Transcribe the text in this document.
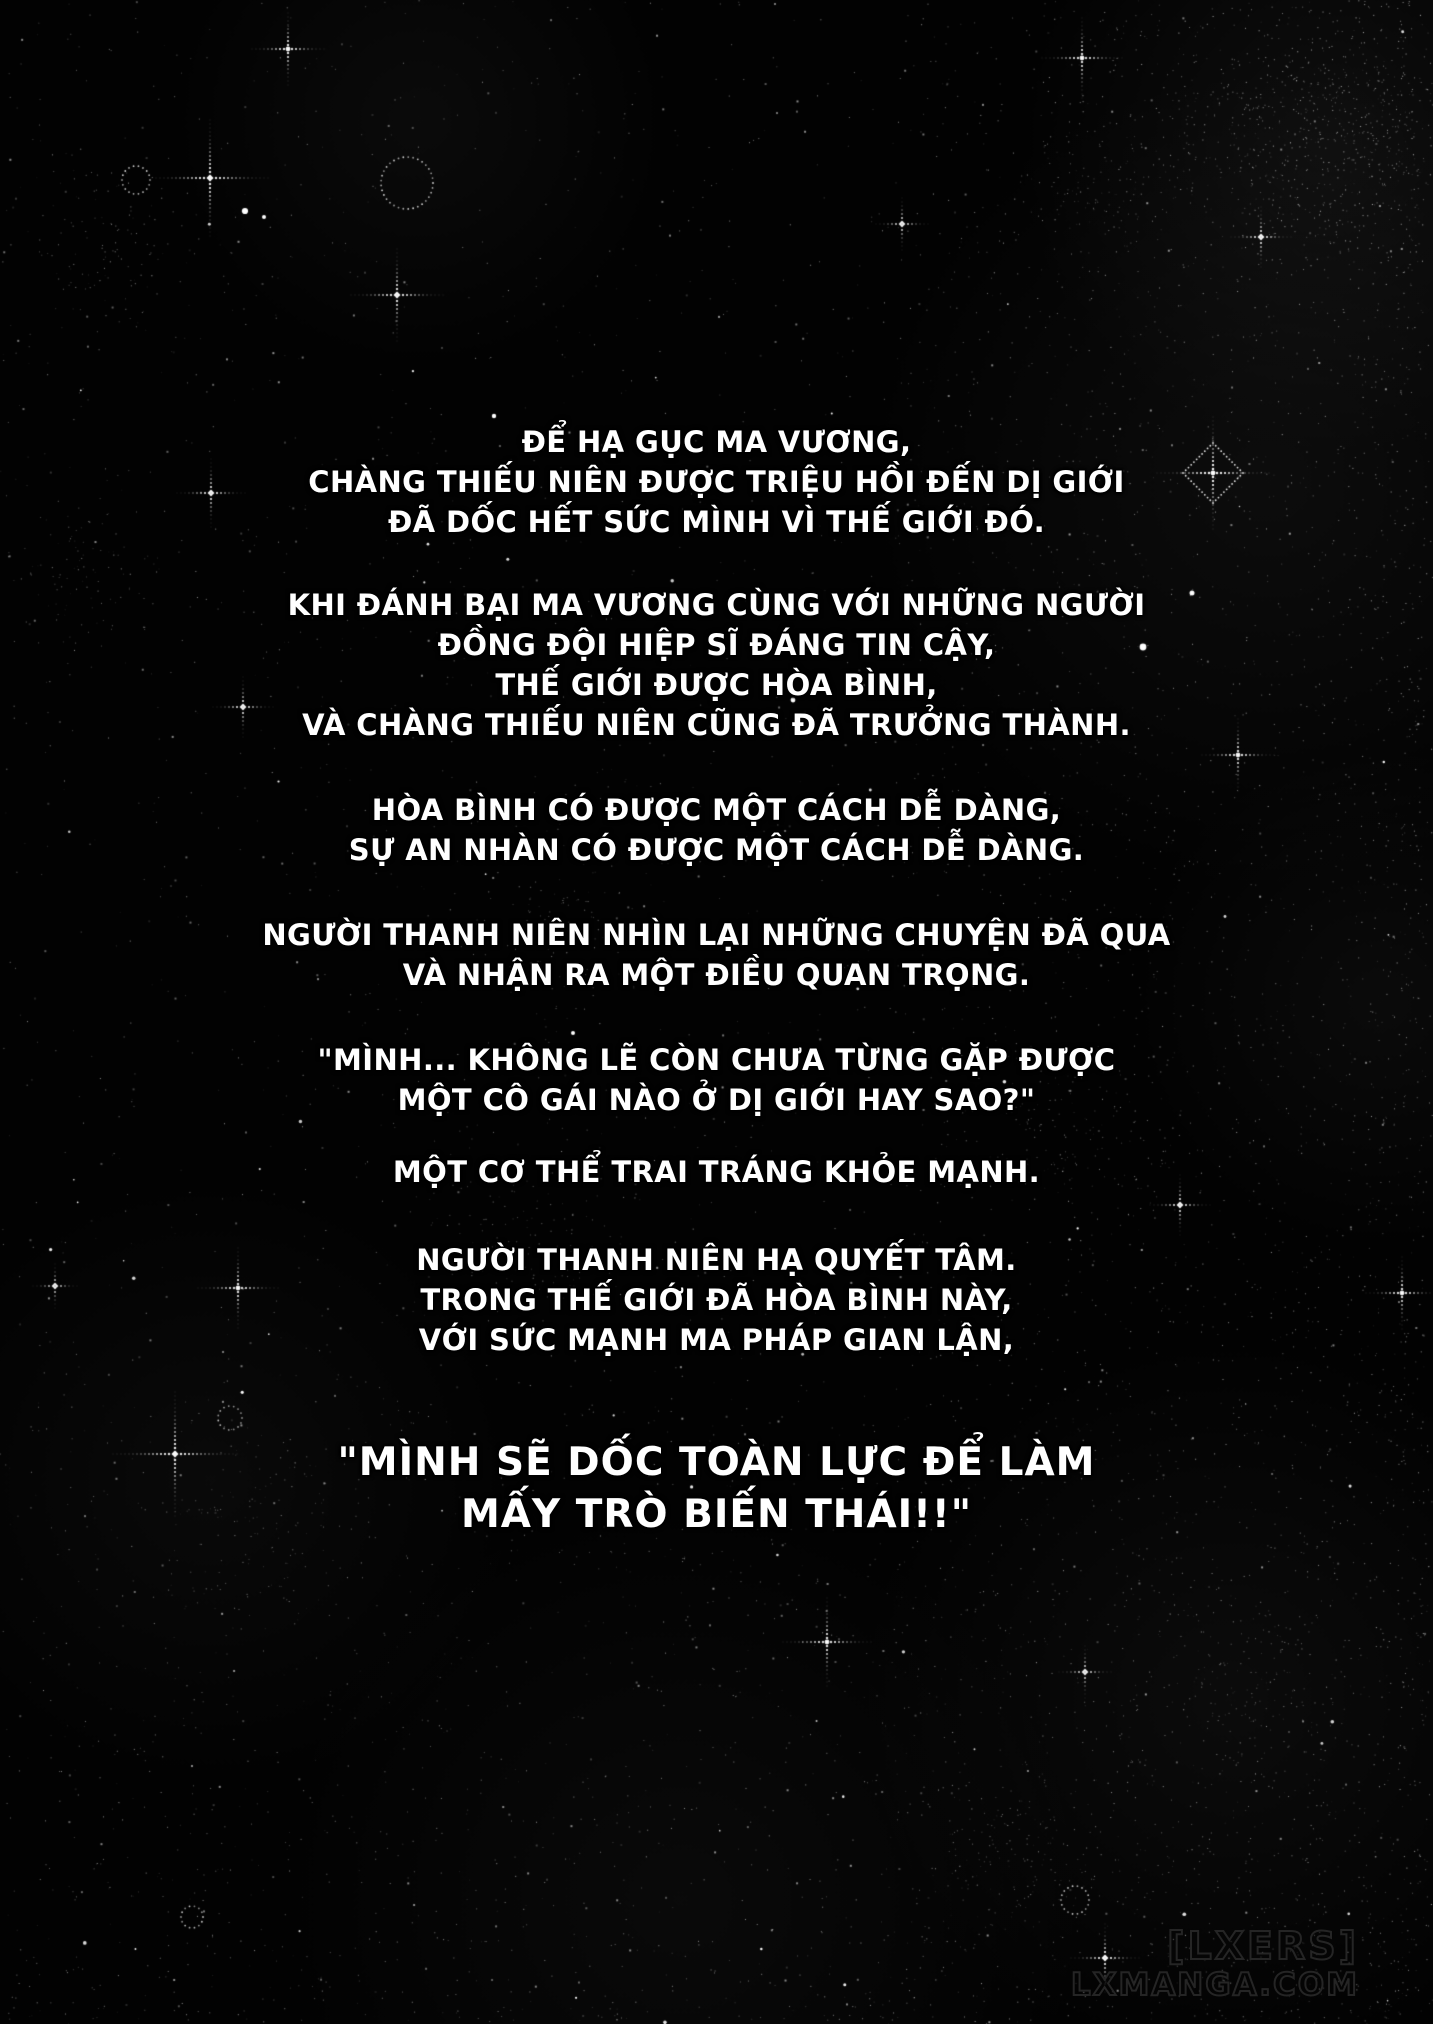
ĐỂ HẠ GỤC MA VƯƠNG,
CHÀNG THIẾU NIÊN ĐƯỢC TRIỆU HỒI ĐẾN DỊ GIỚI
ĐÃ DỐC HẾT SỨC MÌNH VÌ THẾ GIỚI ĐÓ.
KHI ĐÁNH BẠI MA VƯƠNG CÙNG VỚI NHỮNG NGƯỜI
ĐỒNG ĐỘI HIỆP SĨ ĐÁNG TIN CẬY,
THẾ GIỚI ĐƯỢC HÒA BÌNH,
VÀ CHÀNG THIẾU NIÊN CŨNG ĐÃ TRƯỞNG THÀNH.
HÒA BÌNH CÓ ĐƯỢC MỘT CÁCH DỄ DÀNG,
SỰ AN NHÀN CÓ ĐƯỢC MỘT CÁCH DỄ DÀNG.
NGƯỜI THANH NIÊN NHÌN LẠI NHỮNG CHUYỆN ĐÃ QUA
VÀ NHẬN RA MỘT ĐIỀU QUAN TRỌNG.
"MÌNH... KHÔNG LẼ CÒN CHƯA TỪNG GẶP ĐƯỢC
MỘT CÔ GÁI NÀO Ở DỊ GIỚI HAY SAO?"
MỘT CƠ THỂ TRAI TRÁNG KHỎE MẠNH.
NGƯỜI THANH NIÊN HẠ QUYẾT TÂM.
TRONG THẾ GIỚI ĐÃ HÒA BÌNH NÀY,
VỚI SỨC MẠNH MA PHÁP GIAN LẬN,
"MÌNH SẼ DỐC TOÀN LỰC ĐỂ LÀM
MẤY TRÒ BIẾN THÁI!!"
[LXERS]
LXMANGA.COM
